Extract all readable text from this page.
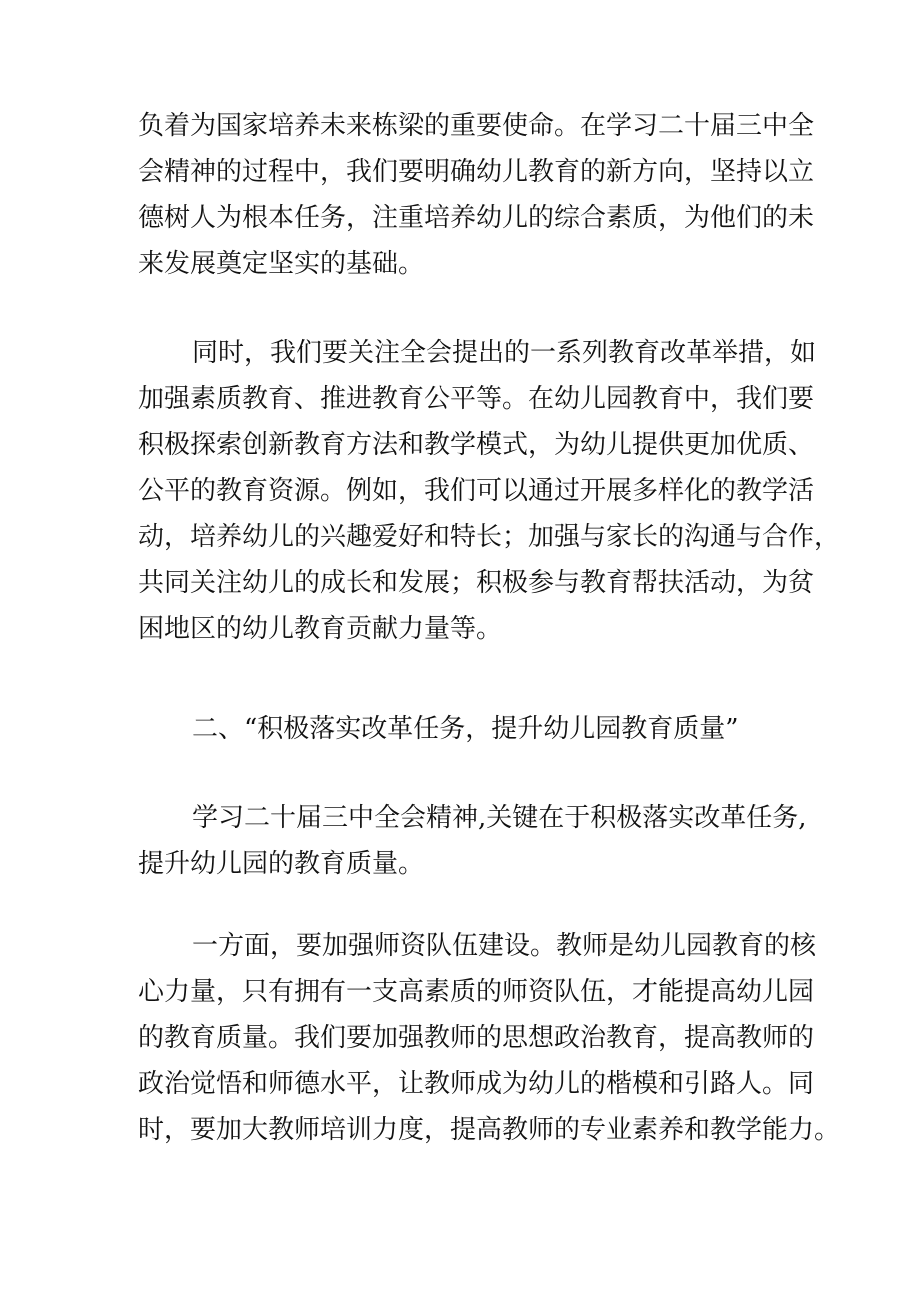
负着为国家培养未来栋梁的重要使命。在学习二十届三中全
会精神的过程中，我们要明确幼儿教育的新方向，坚持以立
德树人为根本任务，注重培养幼儿的综合素质，为他们的未
来发展奠定坚实的基础。
同时，我们要关注全会提出的一系列教育改革举措，如
加强素质教育、推进教育公平等。在幼儿园教育中，我们要
积极探索创新教育方法和教学模式，为幼儿提供更加优质、
公平的教育资源。例如，我们可以通过开展多样化的教学活
动，培养幼儿的兴趣爱好和特长；加强与家长的沟通与合作，
共同关注幼儿的成长和发展；积极参与教育帮扶活动，为贫
困地区的幼儿教育贡献力量等。
二、“积极落实改革任务，提升幼儿园教育质量”
学习二十届三中全会精神,关键在于积极落实改革任务,
提升幼儿园的教育质量。
一方面，要加强师资队伍建设。教师是幼儿园教育的核
心力量，只有拥有一支高素质的师资队伍，才能提高幼儿园
的教育质量。我们要加强教师的思想政治教育，提高教师的
政治觉悟和师德水平，让教师成为幼儿的楷模和引路人。同
时，要加大教师培训力度，提高教师的专业素养和教学能力。
